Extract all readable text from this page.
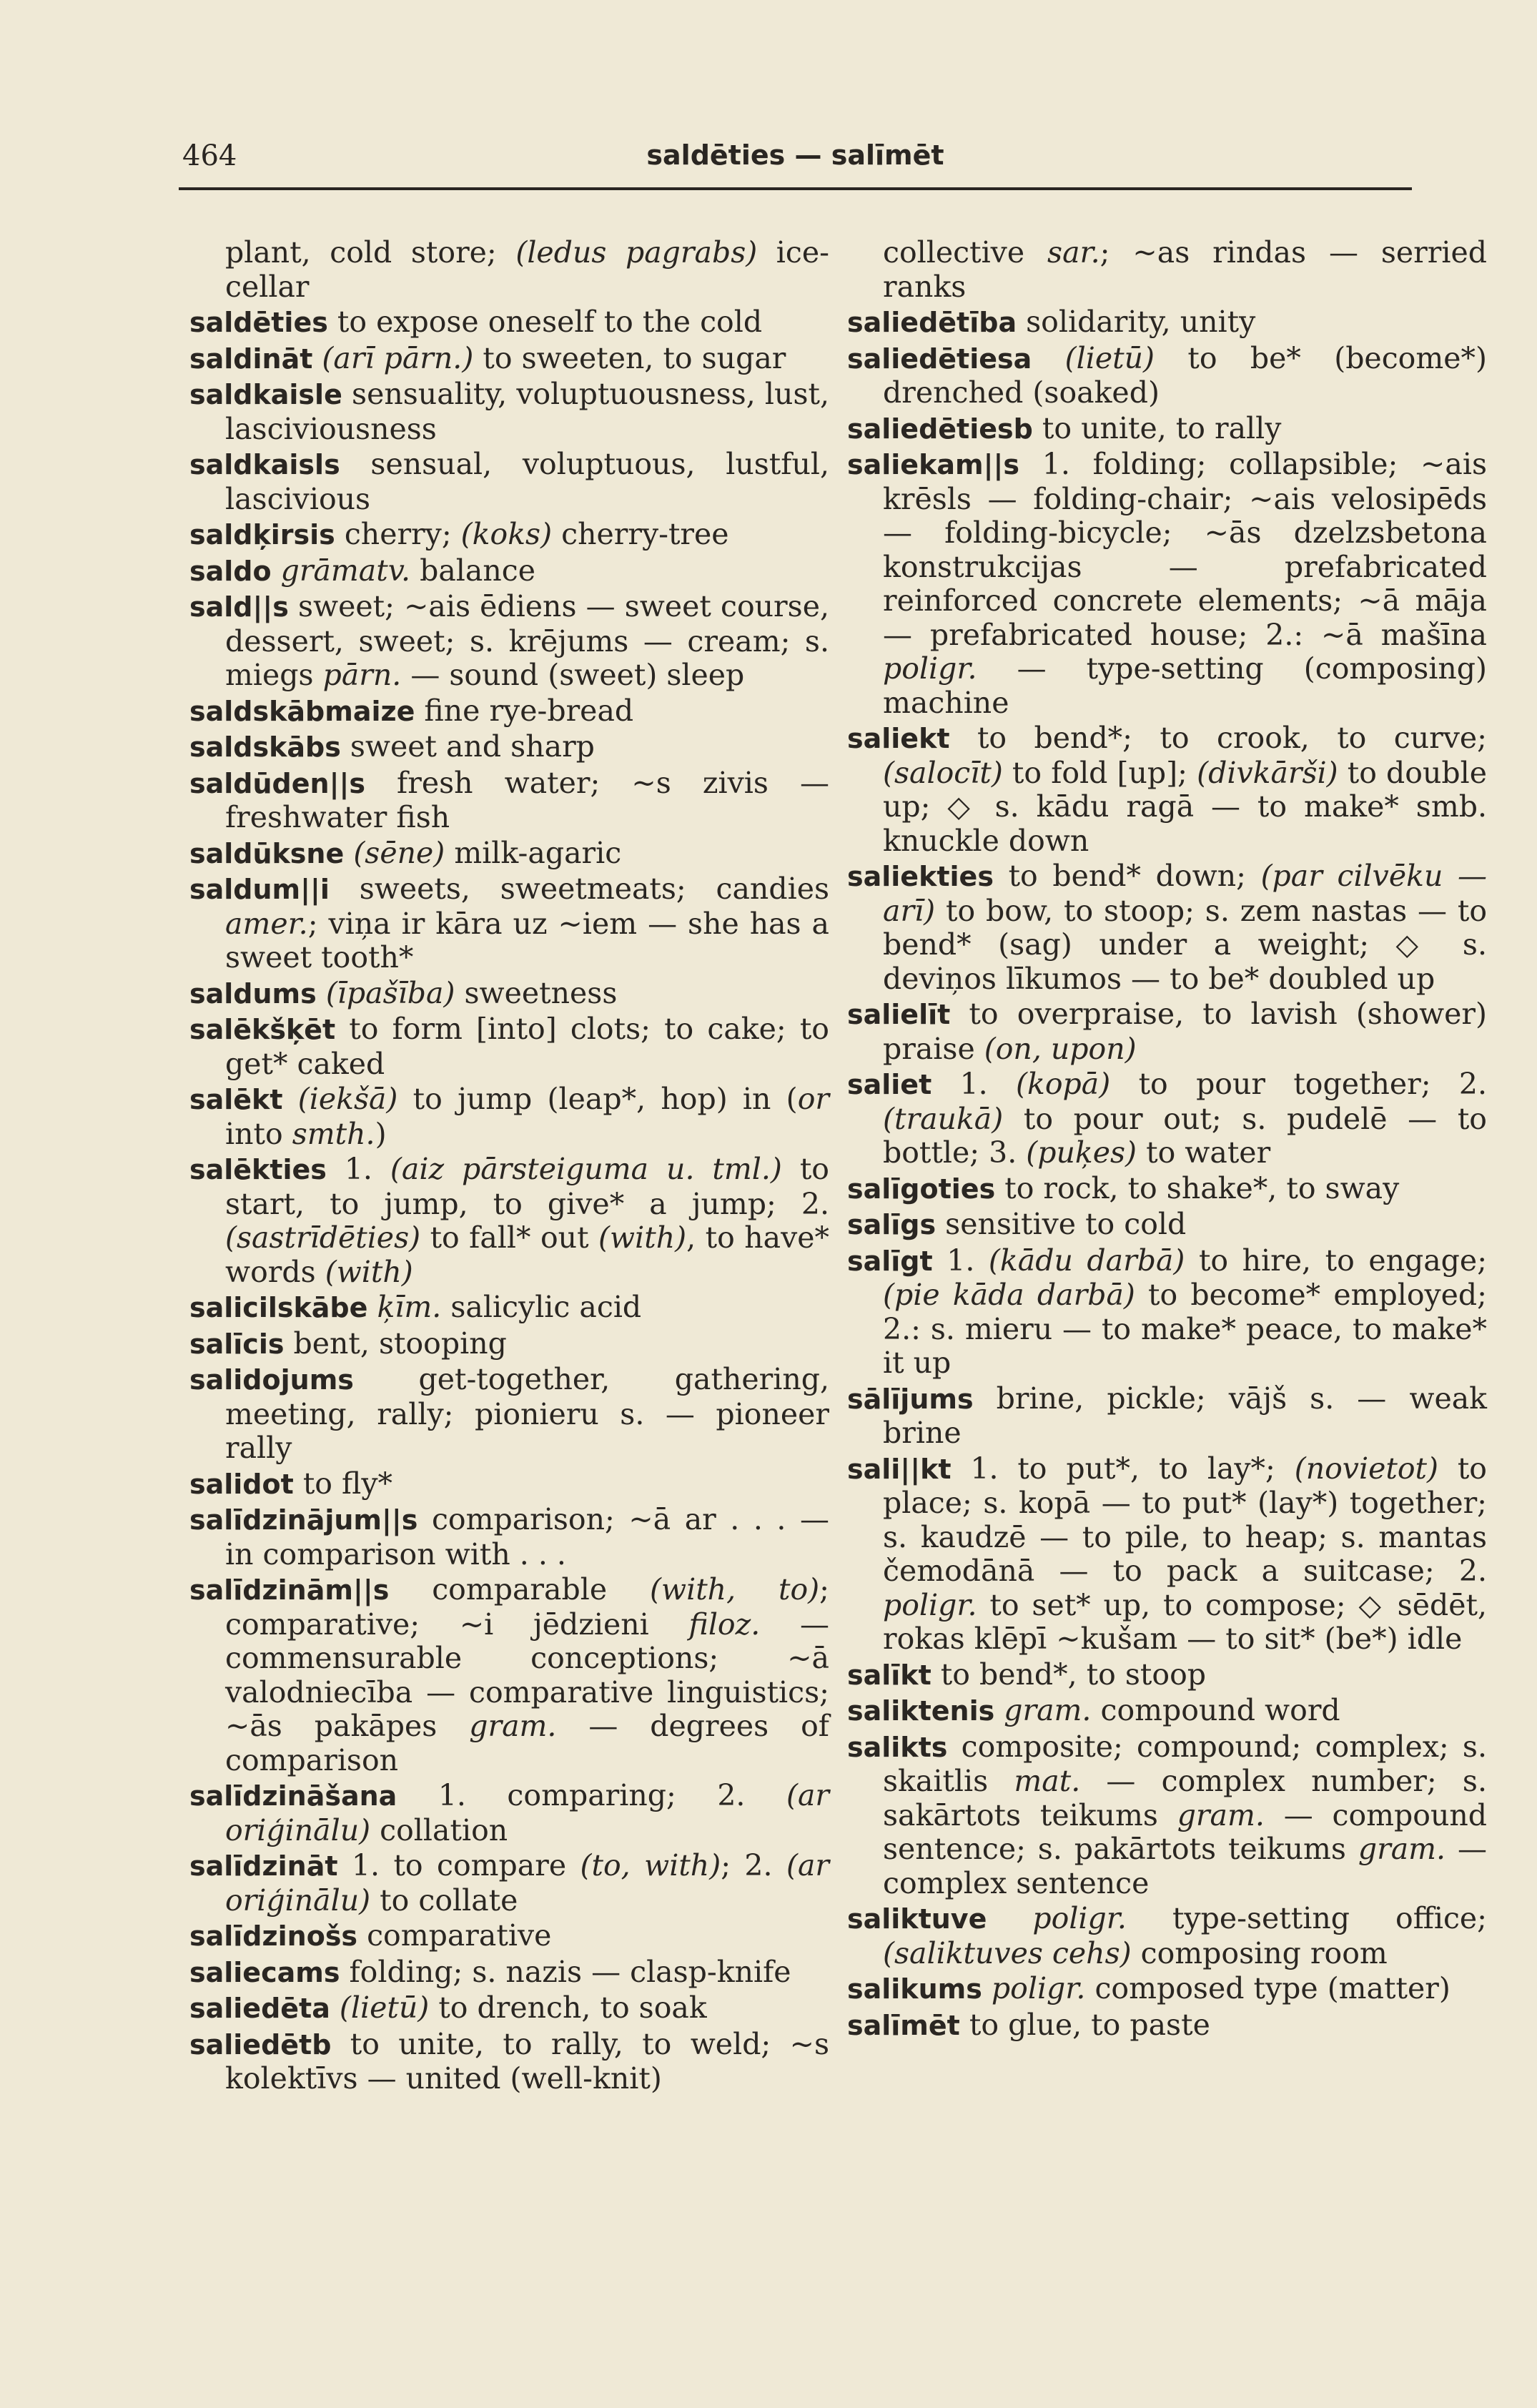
464	saldēties — salīmēt

plant, cold store; (ledus pagrabs) ice-cellar

saldēties to expose oneself to the cold

saldināt (arī pārn.) to sweeten, to sugar

saldkaisle sensuality, voluptuousness, lust, lasciviousness

saldkaisls sensual, voluptuous, lustful, lascivious

saldķirsis cherry; (koks) cherry-tree

saldo grāmatv. balance

sald||s sweet; ~ais ēdiens — sweet course, dessert, sweet; s. krējums — cream; s. miegs pārn. — sound (sweet) sleep

saldskābmaize fine rye-bread

saldskābs sweet and sharp

saldūden||s fresh water; ~s zivis — freshwater fish

saldūksne (sēne) milk-agaric

saldum||i sweets, sweetmeats; candies amer.; viņa ir kāra uz ~iem — she has a sweet tooth*

saldums (īpašība) sweetness

salēkšķēt to form [into] clots; to cake; to get* caked

salēkt (iekšā) to jump (leap*, hop) in (or into smth.)

salēkties 1. (aiz pārsteiguma u. tml.) to start, to jump, to give* a jump; 2. (sastrīdēties) to fall* out (with), to have* words (with)

salicilskābe ķīm. salicylic acid

salīcis bent, stooping

salidojums get-together, gathering, meeting, rally; pionieru s. — pioneer rally

salidot to fly*

salīdzinājum||s comparison; ~ā ar . . . — in comparison with . . .

salīdzinām||s comparable (with, to); comparative; ~i jēdzieni filoz. — commensurable conceptions; ~ā valodniecība — comparative linguistics; ~ās pakāpes gram. — degrees of comparison

salīdzināšana 1. comparing; 2. (ar oriģinālu) collation

salīdzināt 1. to compare (to, with); 2. (ar oriģinālu) to collate

salīdzinošs comparative

saliecams folding; s. nazis — clasp-knife

saliedēta (lietū) to drench, to soak

saliedētb to unite, to rally, to weld; ~s kolektīvs — united (well-knit)

collective sar.; ~as rindas — serried ranks

saliedētība solidarity, unity

saliedētiesa (lietū) to be* (become*) drenched (soaked)

saliedētiesb to unite, to rally

saliekam||s 1. folding; collapsible; ~ais krēsls — folding-chair; ~ais velosipēds — folding-bicycle; ~ās dzelzsbetona konstrukcijas — prefabricated reinforced concrete elements; ~ā māja — prefabricated house; 2.: ~ā mašīna poligr. — type-setting (composing) machine

saliekt to bend*; to crook, to curve; (salocīt) to fold [up]; (divkārši) to double up; ◇ s. kādu ragā — to make* smb. knuckle down

saliekties to bend* down; (par cilvēku — arī) to bow, to stoop; s. zem nastas — to bend* (sag) under a weight; ◇ s. deviņos līkumos — to be* doubled up

salielīt to overpraise, to lavish (shower) praise (on, upon)

saliet 1. (kopā) to pour together; 2. (traukā) to pour out; s. pudelē — to bottle; 3. (puķes) to water

salīgoties to rock, to shake*, to sway

salīgs sensitive to cold

salīgt 1. (kādu darbā) to hire, to engage; (pie kāda darbā) to become* employed; 2.: s. mieru — to make* peace, to make* it up

sālījums brine, pickle; vājš s. — weak brine

sali||kt 1. to put*, to lay*; (novietot) to place; s. kopā — to put* (lay*) together; s. kaudzē — to pile, to heap; s. mantas čemodānā — to pack a suitcase; 2. poligr. to set* up, to compose; ◇ sēdēt, rokas klēpī ~kušam — to sit* (be*) idle

salīkt to bend*, to stoop

saliktenis gram. compound word

salikts composite; compound; complex; s. skaitlis mat. — complex number; s. sakārtots teikums gram. — compound sentence; s. pakārtots teikums gram. — complex sentence

saliktuve poligr. type-setting office; (saliktuves cehs) composing room

salikums poligr. composed type (matter)

salīmēt to glue, to paste
